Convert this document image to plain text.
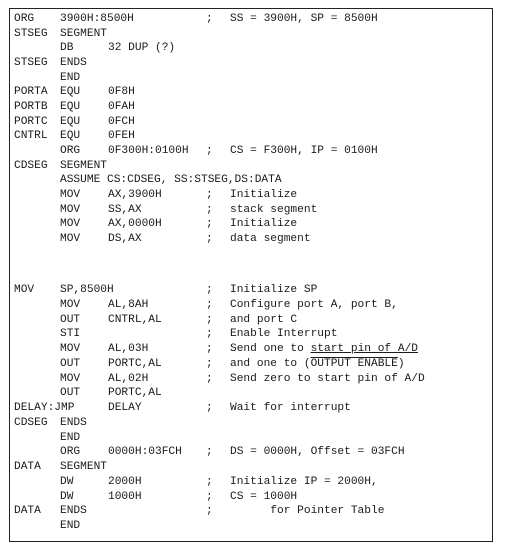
ORG 3900H:8500H	; SS = 3900H, SP = 8500H
STSEG SEGMENT
DB	32 DUP (?)
STSEG ENDS
END
PORTA EQU 0F8H
PORTB EQU 0FAH
PORTC EQU 0FCH
CNTRL EQU 0FEH
ORG 0F300H:0100H ; CS = F300H, IP = 0100H
CDSEG SEGMENT
ASSUME CS:CDSEG, SS:STSEG,DS:DATA
MOV AX,3900H	; Initialize
MOV SS,AX	; stack segment
MOV AX,0000H	; Initialize
MOV DS,AX	; data segment
MOV SP,8500H	; Initialize SP
MOV AL,8AH	; Configure port A, port B,
OUT CNTRL,AL	; and port C
STI	; Enable Interrupt
MOV AL,03H	; Send one to start pin of A/D
OUT PORTC,AL	; and one to (OUTPUT ENABLE)
MOV AL,02H	; Send zero to start pin of A/D
OUT PORTC,AL
DELAY:JMP	DELAY	; Wait for interrupt
CDSEG ENDS
END
ORG 0000H:03FCH ; DS = 0000H, Offset = 03FCH
DATA SEGMENT
DW	2000H	; Initialize IP = 2000H,
DW	1000H	; CS = 1000H
DATA ENDS	; for Pointer Table
END
